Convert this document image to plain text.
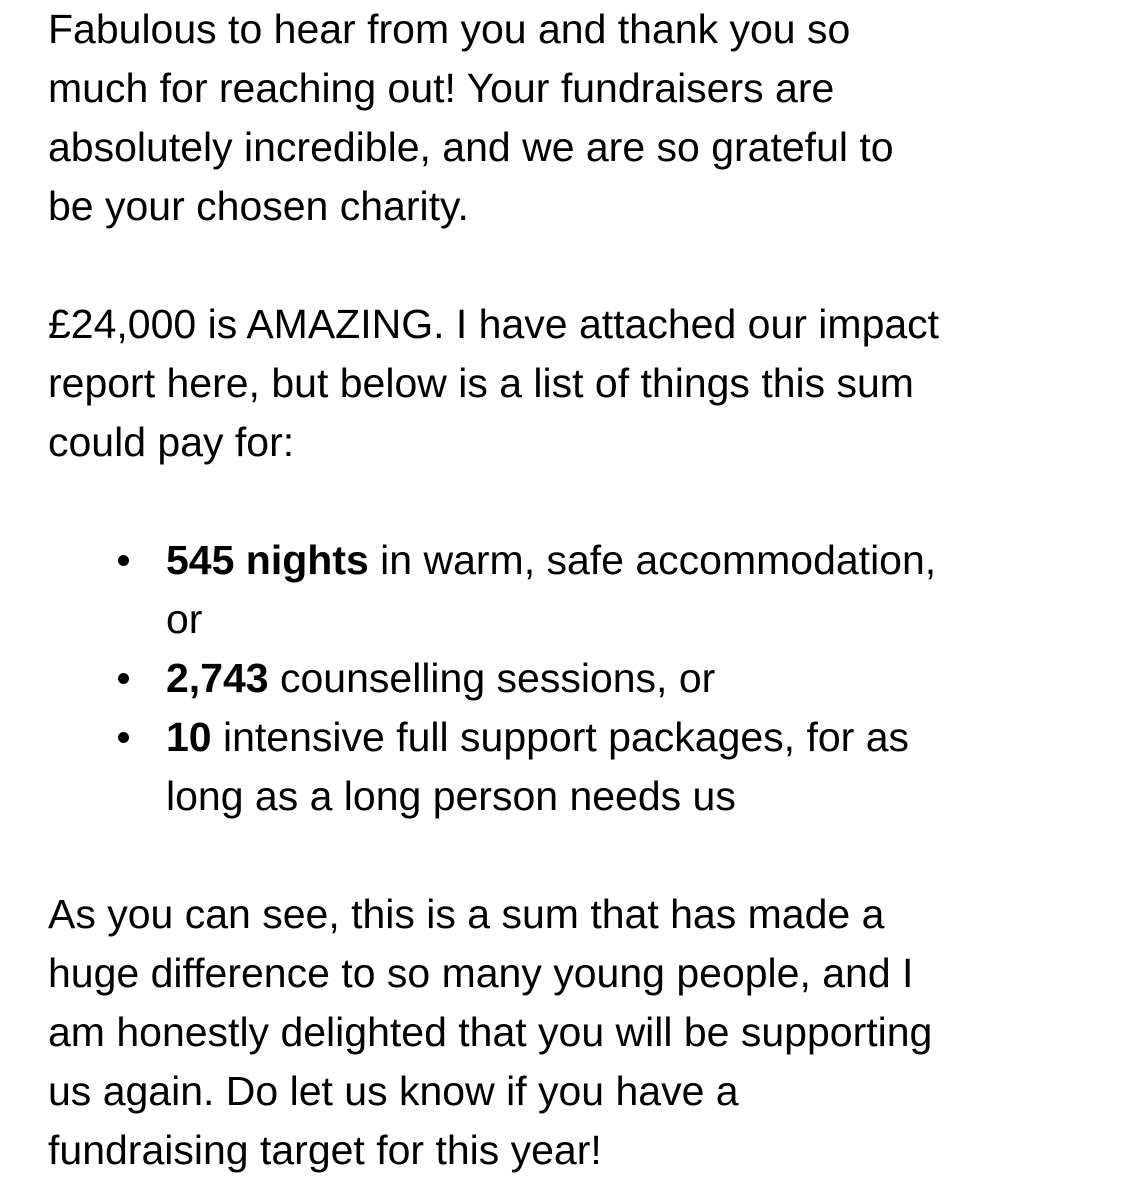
Fabulous to hear from you and thank you so
much for reaching out! Your fundraisers are
absolutely incredible, and we are so grateful to
be your chosen charity.

£24,000 is AMAZING. I have attached our impact
report here, but below is a list of things this sum
could pay for:

545 nights in warm, safe accommodation,
or
2,743 counselling sessions, or
10 intensive full support packages, for as
long as a long person needs us

As you can see, this is a sum that has made a
huge difference to so many young people, and I
am honestly delighted that you will be supporting
us again. Do let us know if you have a
fundraising target for this year!
